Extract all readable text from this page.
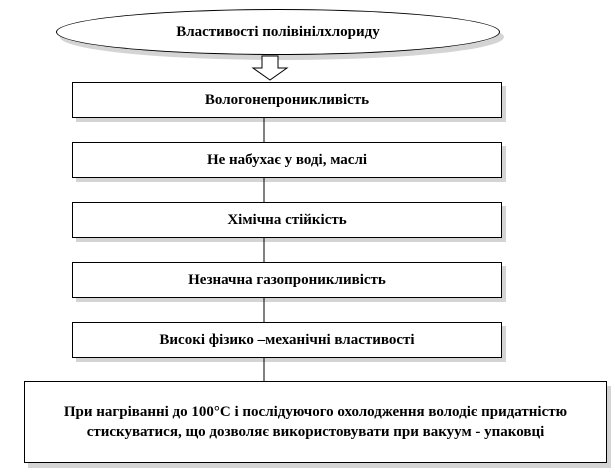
Властивості полівінілхлориду
Вологонепроникливість
Не набухає у воді, маслі
Хімічна стійкість
Незначна газопроникливість
Високі фізико –механічні властивості
При нагріванні до 100°С і послідуючого охолодження володіє придатністю стискуватися, що дозволяє використовувати при вакуум - упаковці
